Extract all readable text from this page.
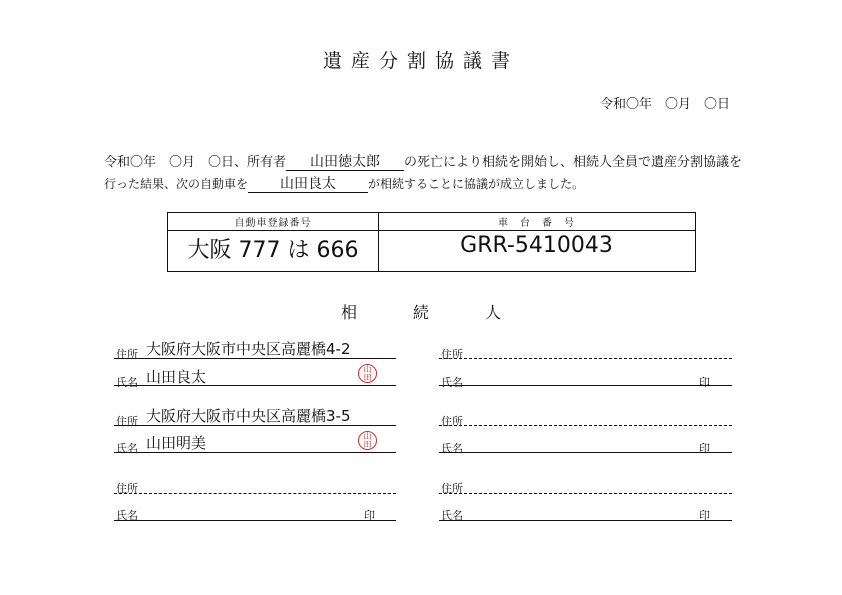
遺産分割協議書
令和〇年　〇月　〇日
令和〇年　〇月　〇日、所有者 山田徳太郎 の死亡により相続を開始し、相続人全員で遺産分割協議を
行った結果、次の自動車を 山田良太	が相続することに協議が成立しました。
自動車登録番号	車　台　番　号
大阪 777 は 666	GRR-5410043
相	続	人
住所 大阪府大阪市中央区高麗橋4-2
氏名 山田良太	山
田
住所 大阪府大阪市中央区高麗橋3-5
氏名 山田明美	山
田
住所
氏名	印
住所
氏名	印
住所
氏名	印
住所
氏名	印
